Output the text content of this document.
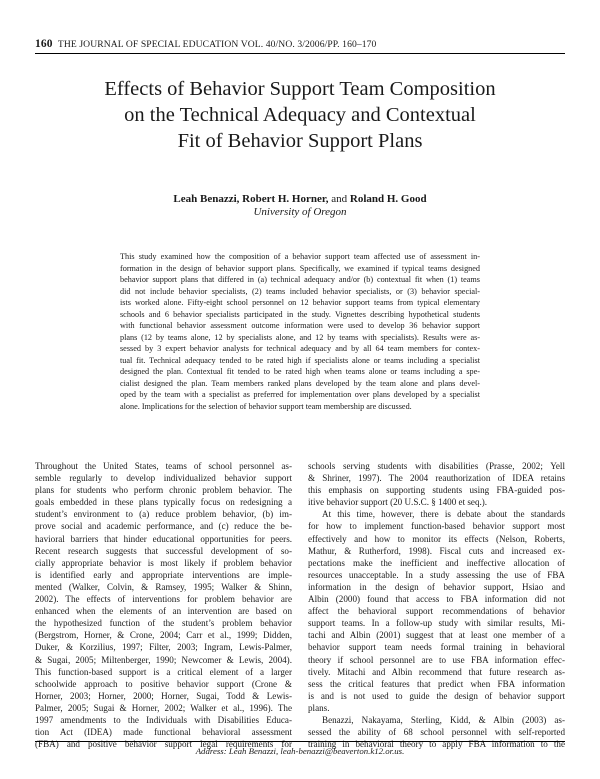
160 THE JOURNAL OF SPECIAL EDUCATION VOL. 40/NO. 3/2006/PP. 160–170
Effects of Behavior Support Team Composition
on the Technical Adequacy and Contextual
Fit of Behavior Support Plans
Leah Benazzi, Robert H. Horner, and Roland H. Good
University of Oregon
This study examined how the composition of a behavior support team affected use of assessment in-
formation in the design of behavior support plans. Specifically, we examined if typical teams designed
behavior support plans that differed in (a) technical adequacy and/or (b) contextual fit when (1) teams
did not include behavior specialists, (2) teams included behavior specialists, or (3) behavior special-
ists worked alone. Fifty-eight school personnel on 12 behavior support teams from typical elementary
schools and 6 behavior specialists participated in the study. Vignettes describing hypothetical students
with functional behavior assessment outcome information were used to develop 36 behavior support
plans (12 by teams alone, 12 by specialists alone, and 12 by teams with specialists). Results were as-
sessed by 3 expert behavior analysts for technical adequacy and by all 64 team members for contex-
tual fit. Technical adequacy tended to be rated high if specialists alone or teams including a specialist
designed the plan. Contextual fit tended to be rated high when teams alone or teams including a spe-
cialist designed the plan. Team members ranked plans developed by the team alone and plans devel-
oped by the team with a specialist as preferred for implementation over plans developed by a specialist
alone. Implications for the selection of behavior support team membership are discussed.
Throughout the United States, teams of school personnel as-
semble regularly to develop individualized behavior support
plans for students who perform chronic problem behavior. The
goals embedded in these plans typically focus on redesigning a
student’s environment to (a) reduce problem behavior, (b) im-
prove social and academic performance, and (c) reduce the be-
havioral barriers that hinder educational opportunities for peers.
Recent research suggests that successful development of so-
cially appropriate behavior is most likely if problem behavior
is identified early and appropriate interventions are imple-
mented (Walker, Colvin, & Ramsey, 1995; Walker & Shinn,
2002). The effects of interventions for problem behavior are
enhanced when the elements of an intervention are based on
the hypothesized function of the student’s problem behavior
(Bergstrom, Horner, & Crone, 2004; Carr et al., 1999; Didden,
Duker, & Korzilius, 1997; Filter, 2003; Ingram, Lewis-Palmer,
& Sugai, 2005; Miltenberger, 1990; Newcomer & Lewis, 2004).
This function-based support is a critical element of a larger
schoolwide approach to positive behavior support (Crone &
Horner, 2003; Horner, 2000; Horner, Sugai, Todd & Lewis-
Palmer, 2005; Sugai & Horner, 2002; Walker et al., 1996). The
1997 amendments to the Individuals with Disabilities Educa-
tion Act (IDEA) made functional behavioral assessment
(FBA) and positive behavior support legal requirements for
schools serving students with disabilities (Prasse, 2002; Yell
& Shriner, 1997). The 2004 reauthorization of IDEA retains
this emphasis on supporting students using FBA-guided pos-
itive behavior support (20 U.S.C. § 1400 et seq.).
At this time, however, there is debate about the standards
for how to implement function-based behavior support most
effectively and how to monitor its effects (Nelson, Roberts,
Mathur, & Rutherford, 1998). Fiscal cuts and increased ex-
pectations make the inefficient and ineffective allocation of
resources unacceptable. In a study assessing the use of FBA
information in the design of behavior support, Hsiao and
Albin (2000) found that access to FBA information did not
affect the behavioral support recommendations of behavior
support teams. In a follow-up study with similar results, Mi-
tachi and Albin (2001) suggest that at least one member of a
behavior support team needs formal training in behavioral
theory if school personnel are to use FBA information effec-
tively. Mitachi and Albin recommend that future research as-
sess the critical features that predict when FBA information
is and is not used to guide the design of behavior support
plans.
Benazzi, Nakayama, Sterling, Kidd, & Albin (2003) as-
sessed the ability of 68 school personnel with self-reported
training in behavioral theory to apply FBA information to the
Address: Leah Benazzi, leah-benazzi@beaverton.k12.or.us.
